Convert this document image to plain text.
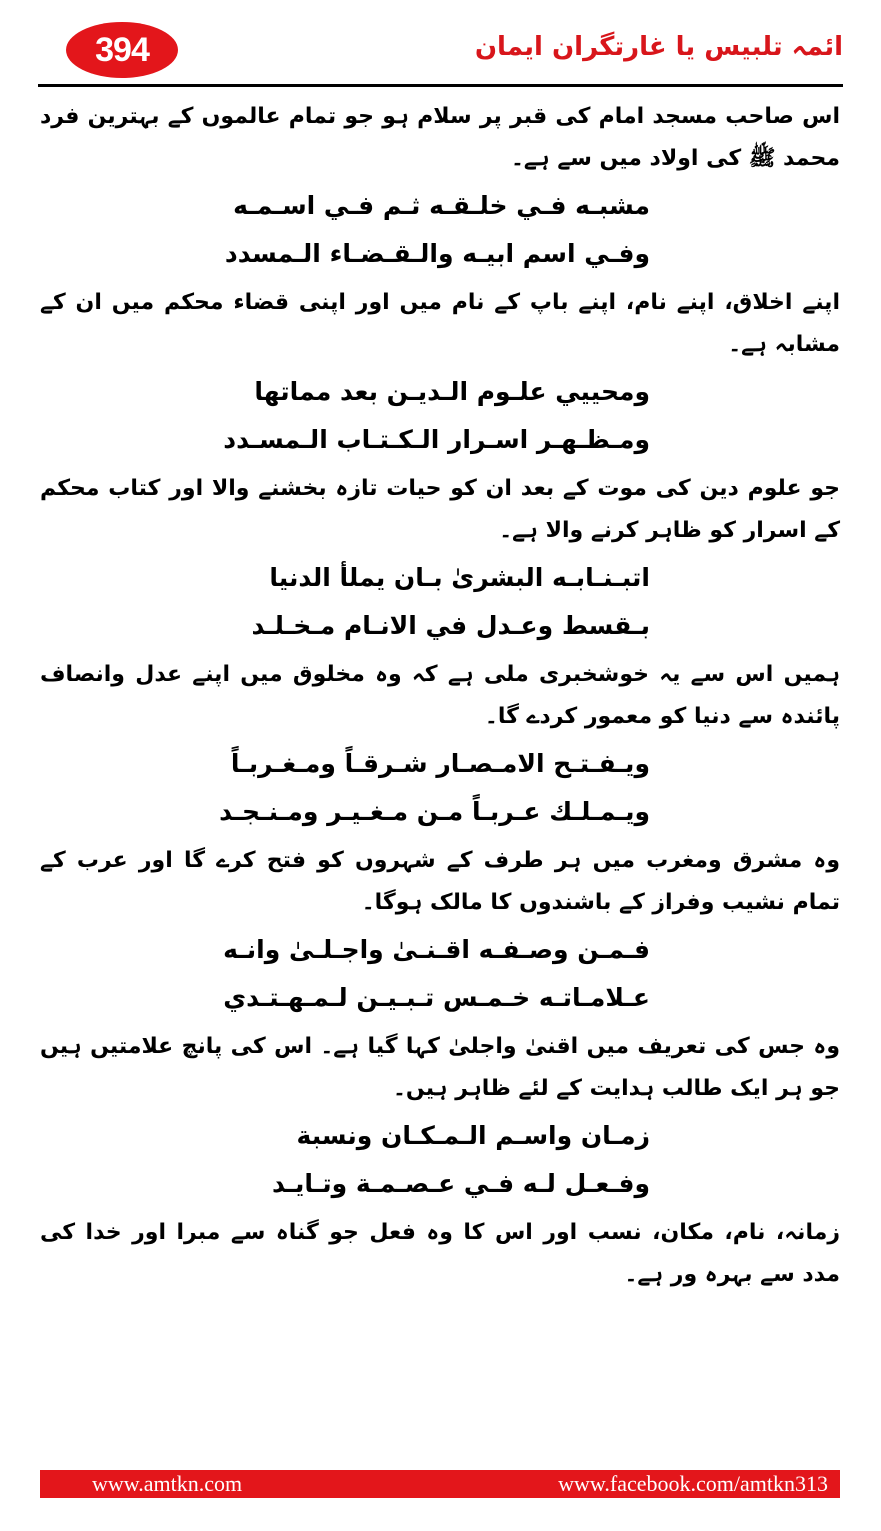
394	ائمہ تلبیس یا غارتگران ایمان

اس صاحب مسجد امام کی قبر پر سلام ہو جو تمام عالموں کے بہترین فرد محمد ﷺ کی اولاد میں سے ہے۔

مشبـه فـي خلـقـه ثـم فـي اسـمـه
وفـي اسم ابيـه والـقـضـاء الـمسدد

اپنے اخلاق، اپنے نام، اپنے باپ کے نام میں اور اپنی قضاء محکم میں ان کے مشابہ ہے۔

ومحييي علـوم الـديـن بعد مماتها
ومـظـهـر اسـرار الـكـتـاب الـمسـدد

جو علوم دین کی موت کے بعد ان کو حیات تازہ بخشنے والا اور کتاب محکم کے اسرار کو ظاہر کرنے والا ہے۔

اتبـنـابـه البشرىٰ بـان يملأ الدنيا
بـقسط وعـدل في الانـام مـخـلـد

ہمیں اس سے یہ خوشخبری ملی ہے کہ وہ مخلوق میں اپنے عدل وانصاف پائندہ سے دنیا کو معمور کردے گا۔

ويـفـتـح الامـصـار شـرقـاً ومـغـربـاً
ويـمـلـك عـربـاً مـن مـغـيـر ومـنـجـد

وہ مشرق ومغرب میں ہر طرف کے شہروں کو فتح کرے گا اور عرب کے تمام نشیب وفراز کے باشندوں کا مالک ہوگا۔

فـمـن وصـفـه اقـنـىٰ واجـلـىٰ وانـه
عـلامـاتـه خـمـس تـبـيـن لـمـهـتـدي

وہ جس کی تعریف میں اقنیٰ واجلیٰ کہا گیا ہے۔ اس کی پانچ علامتیں ہیں جو ہر ایک طالب ہدایت کے لئے ظاہر ہیں۔

زمـان واسـم الـمـكـان ونسبة
وفـعـل لـه فـي عـصـمـة وتـايـد

زمانہ، نام، مکان، نسب اور اس کا وہ فعل جو گناہ سے مبرا اور خدا کی مدد سے بہرہ ور ہے۔

www.amtkn.com	www.facebook.com/amtkn313
